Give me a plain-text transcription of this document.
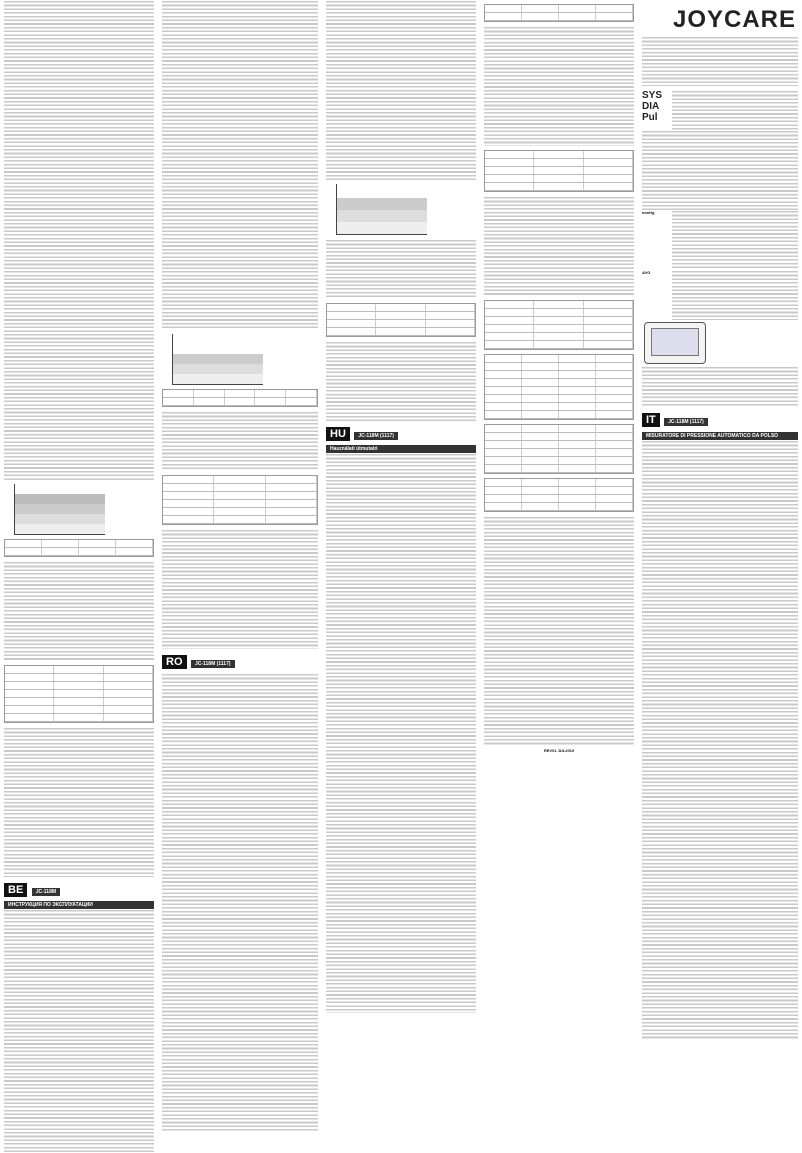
BE JC-118M
ИНСТРУКЦИЯ ПО ЭКСПЛУАТАЦИИ
RO JC-118M (1117)
HU JC-118M (1117)
Használati útmutató
REV01 JUL2015
JOYCARE
SYS
DIA
Pul
mmHg
AVG
IT JC-118M (1117)
MISURATORE DI PRESSIONE AUTOMATICO DA POLSO
